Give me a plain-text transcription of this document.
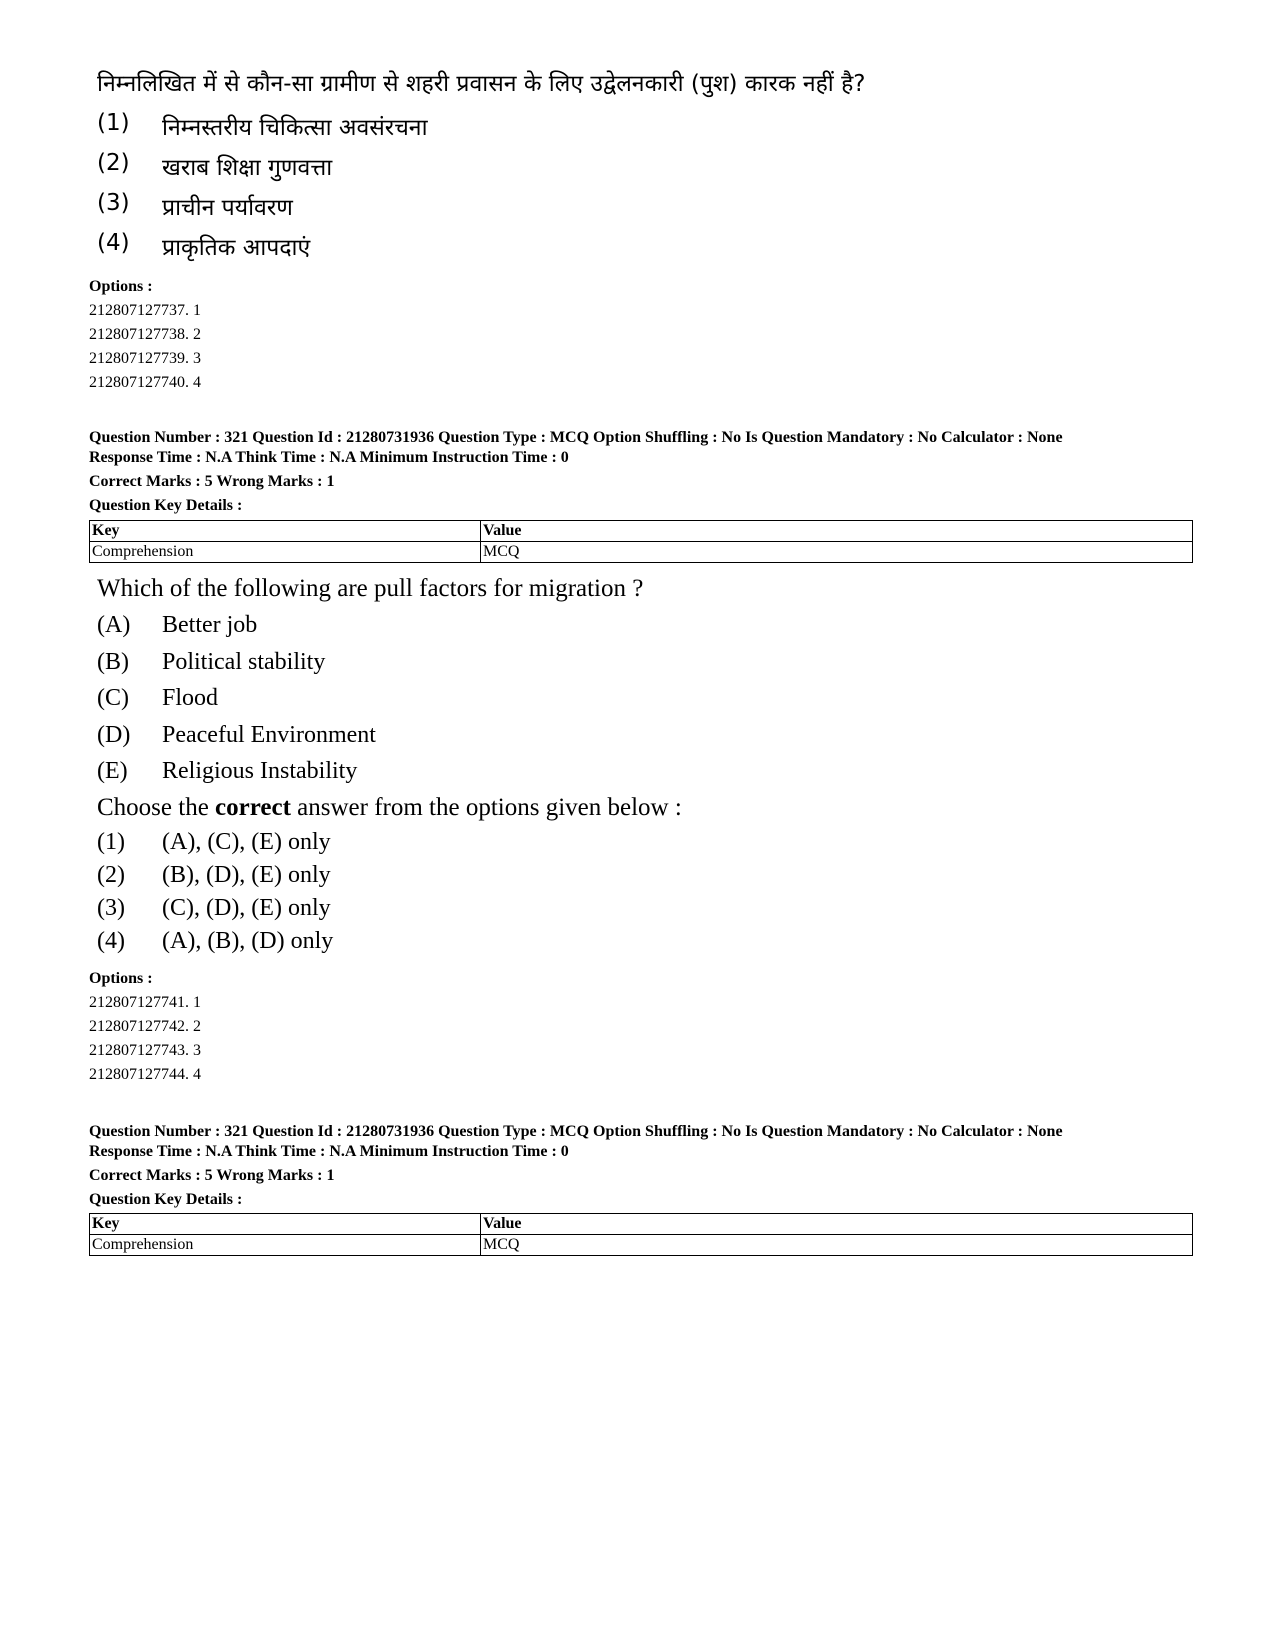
निम्नलिखित में से कौन-सा ग्रामीण से शहरी प्रवासन के लिए उद्वेलनकारी (पुश) कारक नहीं है?
(1)	निम्नस्तरीय चिकित्सा अवसंरचना
(2)	खराब शिक्षा गुणवत्ता
(3)	प्राचीन पर्यावरण
(4)	प्राकृतिक आपदाएं
Options :
212807127737. 1
212807127738. 2
212807127739. 3
212807127740. 4
Question Number : 321 Question Id : 21280731936 Question Type : MCQ Option Shuffling : No Is Question Mandatory : No Calculator : None
Response Time : N.A Think Time : N.A Minimum Instruction Time : 0
Correct Marks : 5 Wrong Marks : 1
Question Key Details :
Key	Value
Comprehension	MCQ
Which of the following are pull factors for migration ?
(A)	Better job
(B)	Political stability
(C)	Flood
(D)	Peaceful Environment
(E)	Religious Instability
Choose the correct answer from the options given below :
(1)	(A), (C), (E) only
(2)	(B), (D), (E) only
(3)	(C), (D), (E) only
(4)	(A), (B), (D) only
Options :
212807127741. 1
212807127742. 2
212807127743. 3
212807127744. 4
Question Number : 321 Question Id : 21280731936 Question Type : MCQ Option Shuffling : No Is Question Mandatory : No Calculator : None
Response Time : N.A Think Time : N.A Minimum Instruction Time : 0
Correct Marks : 5 Wrong Marks : 1
Question Key Details :
Key	Value
Comprehension	MCQ
